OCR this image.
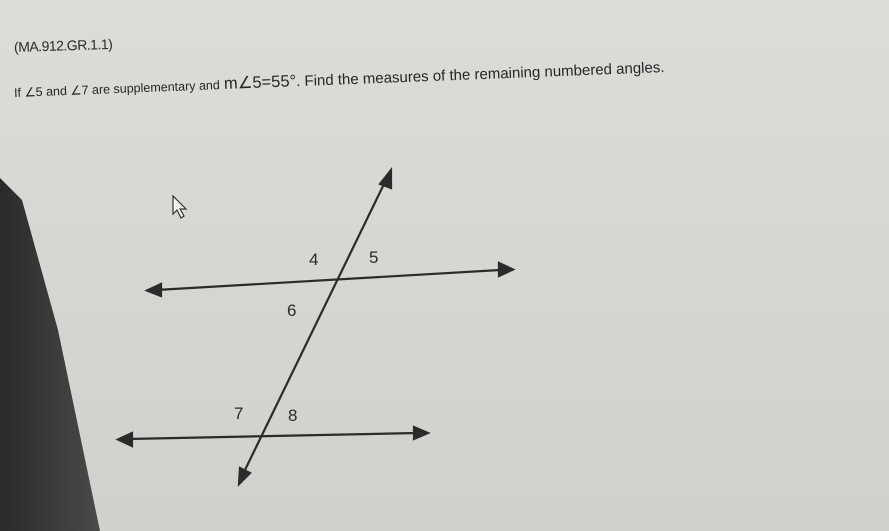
(MA.912.GR.1.1)
If ∠5 and ∠7 are supplementary and m∠5=55°. Find the measures of the remaining numbered angles.
4	5
6
7	8
